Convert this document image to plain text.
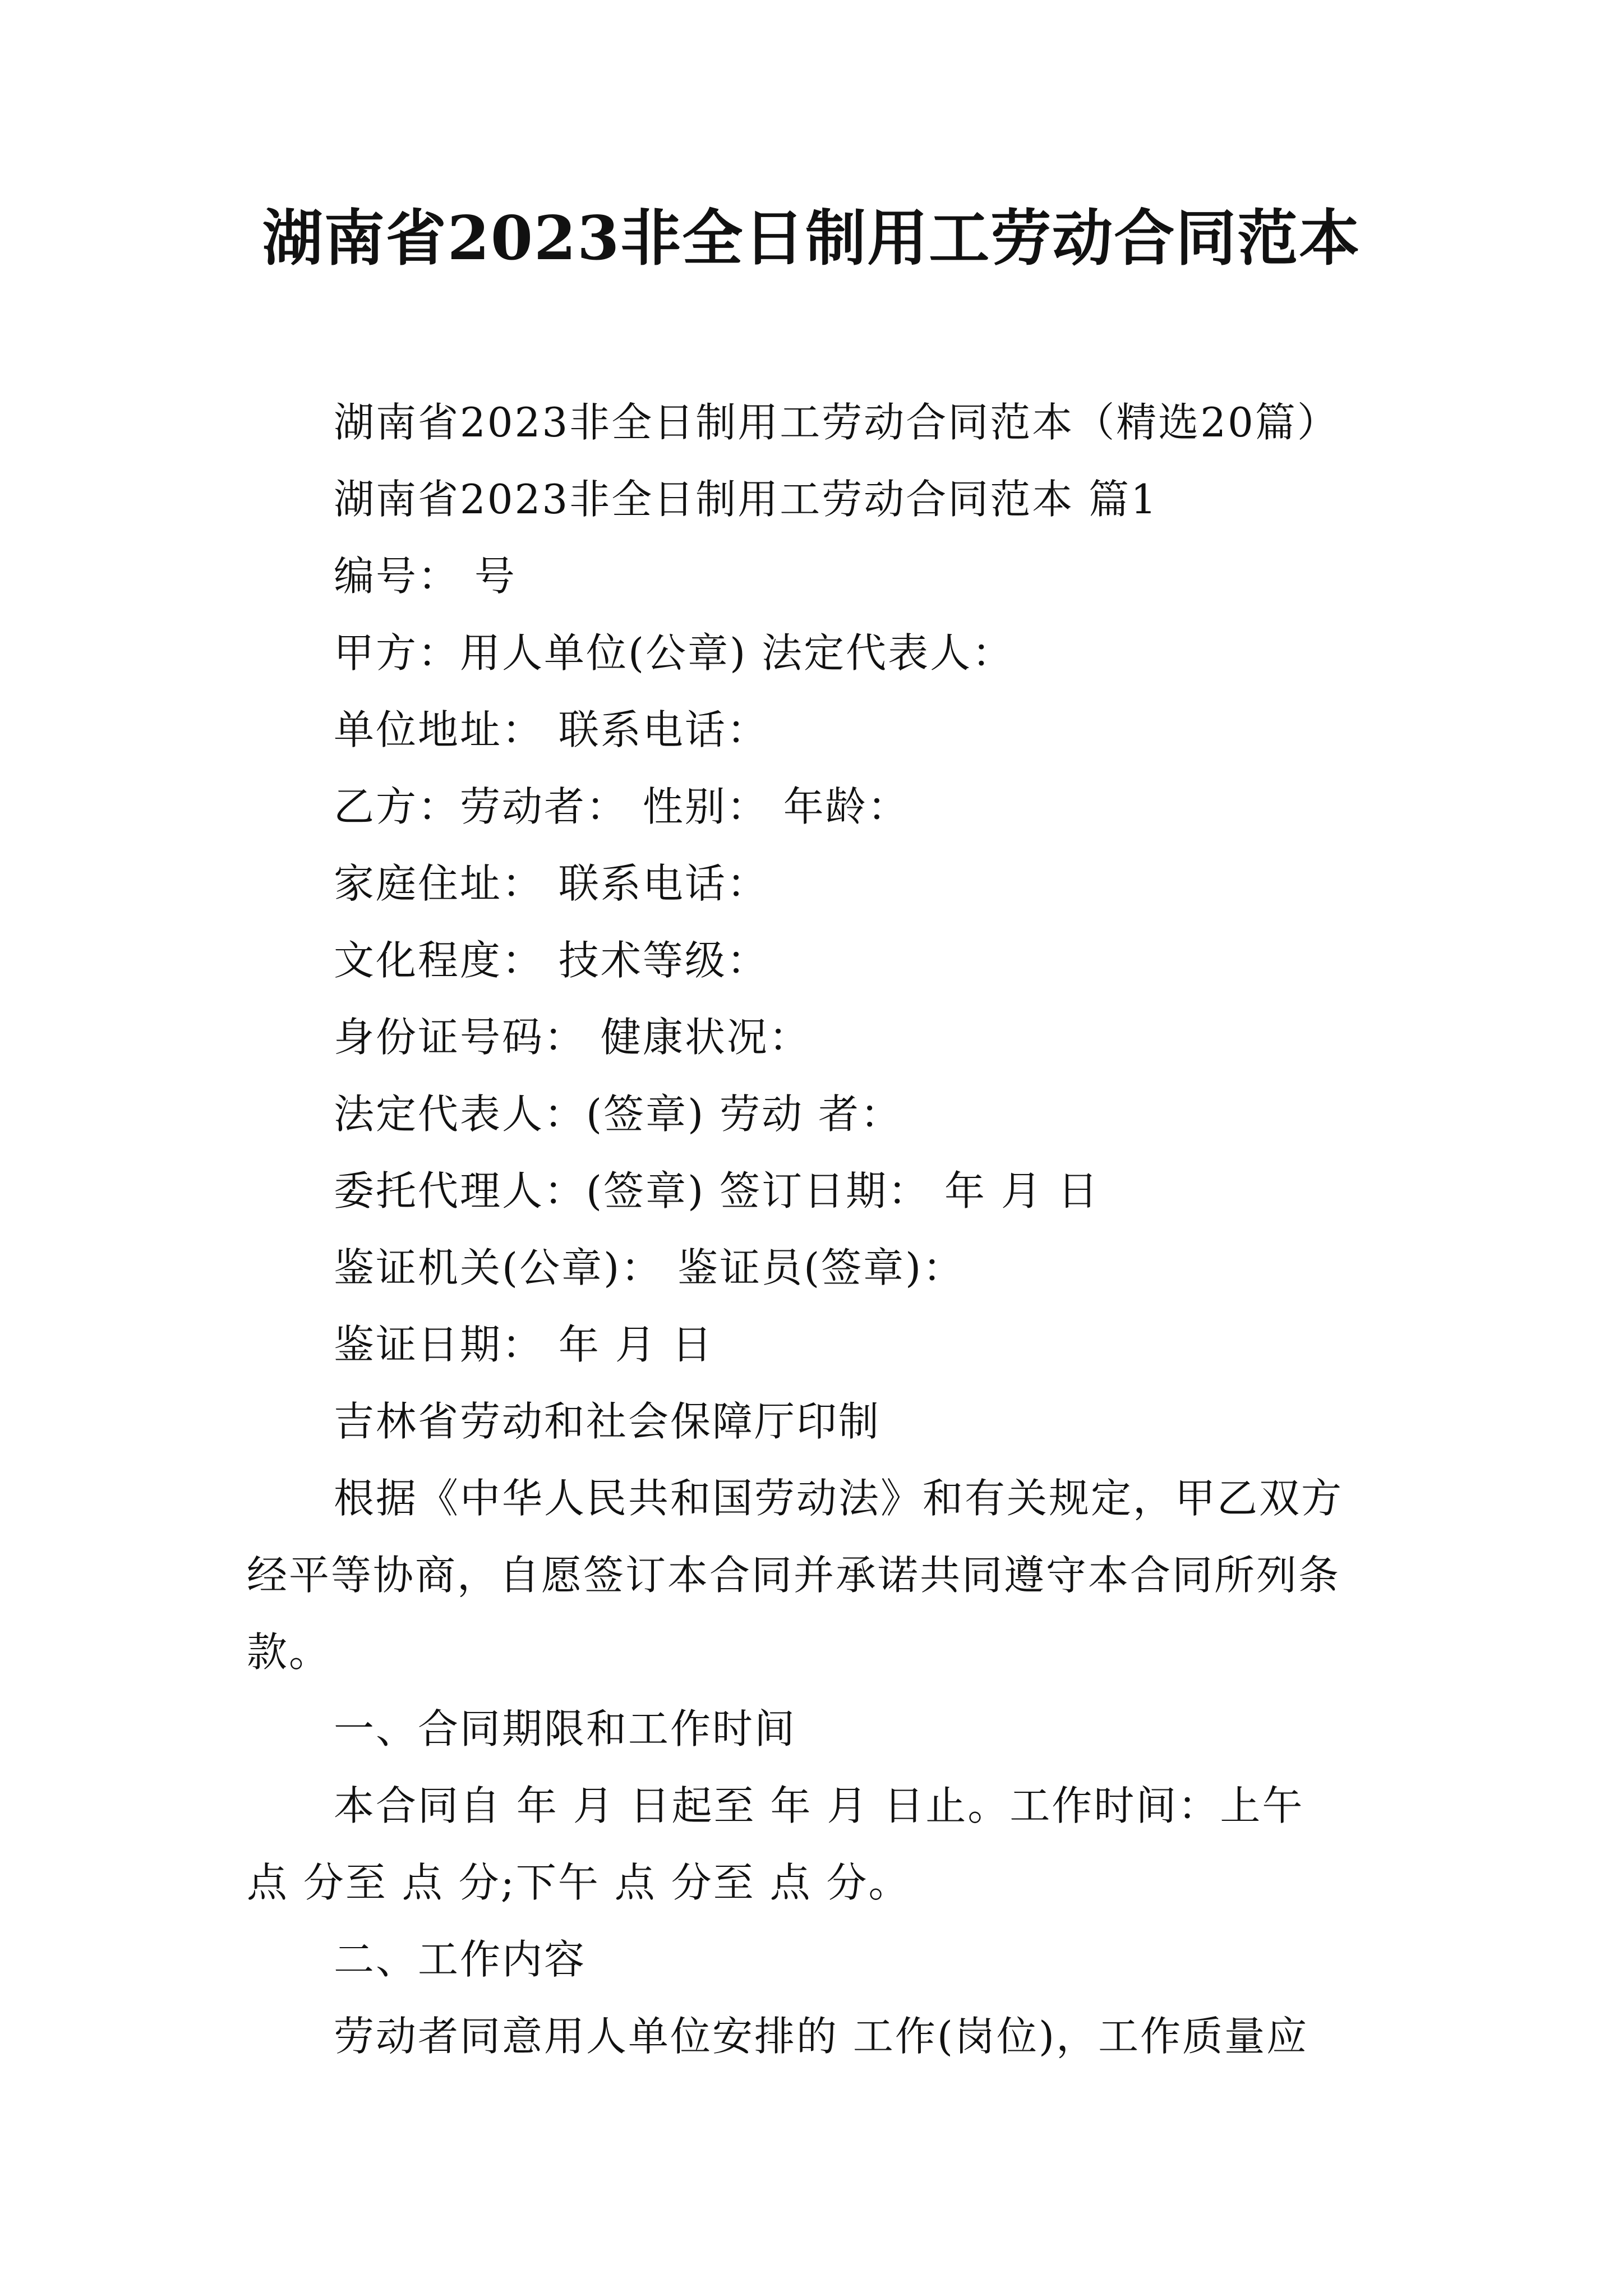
湖南省2023非全日制用工劳动合同范本
湖南省2023非全日制用工劳动合同范本（精选20篇）
湖南省2023非全日制用工劳动合同范本 篇1
编号： 号
甲方：用人单位(公章) 法定代表人：
单位地址： 联系电话：
乙方：劳动者： 性别： 年龄：
家庭住址： 联系电话：
文化程度： 技术等级：
身份证号码： 健康状况：
法定代表人：(签章) 劳动 者：
委托代理人：(签章) 签订日期： 年 月 日
鉴证机关(公章)： 鉴证员(签章)：
鉴证日期： 年 月 日
吉林省劳动和社会保障厅印制
根据《中华人民共和国劳动法》和有关规定，甲乙双方
经平等协商，自愿签订本合同并承诺共同遵守本合同所列条
款。
一、合同期限和工作时间
本合同自 年 月 日起至 年 月 日止。工作时间：上午
点 分至 点 分;下午 点 分至 点 分。
二、工作内容
劳动者同意用人单位安排的 工作(岗位)，工作质量应
